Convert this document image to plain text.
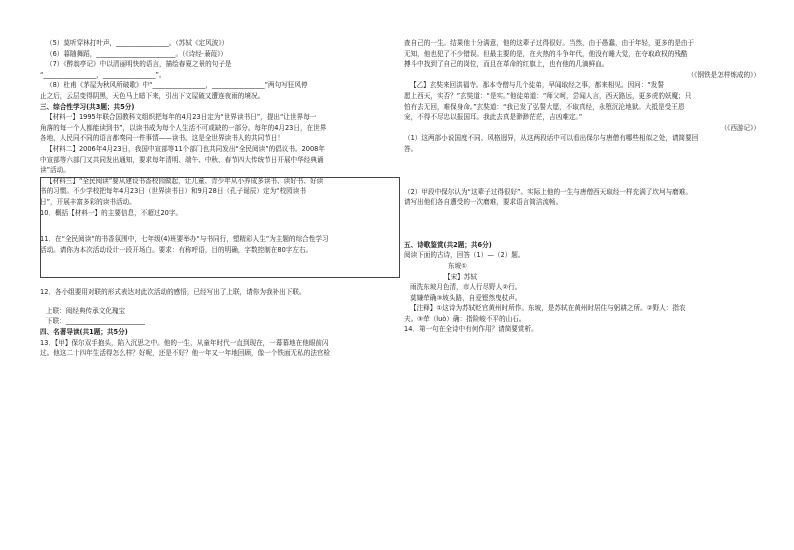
（5）莫听穿林打叶声，________________。（苏轼《定风波》）
（6）暮随舞蹈，________________________。（《诗经·蒹葭》）
（7）《醉翁亭记》中以清丽明快的语言，描绘春夏之景的句子是
“________________，________________”。
（8）杜甫《茅屋为秋风所破歌》中“________________，________________”两句写狂风停
止之后，云层变得阴黑，天色马上暗下来，引出下文屋破又遭连夜雨的境况。
三、综合性学习(共3题；共5分)
【材料一】1995年联合国教科文组织把每年的4月23日定为“世界读书日”，提出“让世界每一
角落的每一个人都能读到书”，以读书成为每个人生活不可或缺的一部分。每年的4月23日，在世界
各地，人民同不同的语言都奏同一件事情——读书。这是全世界读书人的共同节日！
【材料二】2006年4月23日，我国中宣部等11个部门也共同发出“全民阅读”的倡议书。2008年
中宣部等六部门又共同发出通知，要求每年清明、端午、中秋、春节四大传统节日开展中华经典诵
读”活动。
【材料三】“全民阅读”要从建设书香校园做起，让儿童、青少年从小养成多读书、读好书、好读
书的习惯。不少学校把每年4月23日（世界读书日）和9月28日（孔子诞辰）定为“校园读书
日”，开展丰富多彩的读书活动。
10．概括【材料一】的主要信息，不超过20字。
11．在“全民阅读”的书香氛围中，七年级(4)班要举办“与书同行，塑精彩人生”为主题的综合性学习
活动。请你为本次活动设计一段开场白。要求：有称呼语，目的明确，字数控制在80字左右。
12．各小组要用对联的形式表达对此次活动的感悟，已经写出了上联，请你为我补出下联。
上联：阅经典传承文化瑰宝
下联：________________________
四、名著导读(共1题；共5分)
13．【甲】保尔双手抱头，陷入沉思之中。他的一生，从童年时代一直到现在，一幕幕地在他眼前闪
过。他这二十四年生活得怎么样？好呢，还是不好？他一年又一年地回顾，像一个铁面无私的法官检
查自己的一生。结果他十分满意，他的这辈子过得很好。当然，由于愚蠢，由于年轻，更多的是由于
无知，他也犯了不少错误。但最主要的是，在火热的斗争年代，他没有睡大觉，在夺取政权的残酷
搏斗中找到了自己的岗位，而且在革命的红旗上，也有他的几滴鲜血。
（《钢铁是怎样炼成的》）
【乙】玄奘来回洪福寺。那本寺僧与几个徒弟，早闻取经之事，都来相见。因问：“发誓
愿上西天，实否？”玄奘道：“是实。”他徒弟道：“师父呵，尝闻人言，西天路远，更多虎豹妖魔；只
怕有去无回，难保身命。”玄奘道：“我已发了弘誓大愿，不取真经，永堕沉沦地狱。大抵是受王恩
宠，不得不尽忠以报国耳。我此去真是渺渺茫茫，吉凶难定。”
（《西游记》）
（1）这两部小说国度不同、风格迥异，从这两段话中可以看出保尔与唐僧有哪些相似之处，请简要回
答。
（2）甲段中保尔认为“这辈子过得很好”。实际上他的一生与唐僧西天取经一样充满了坎坷与磨难。
请写出他们各自遭受的一次磨难，要求语言简洁流畅。
五、诗歌鉴赏(共2题；共6分)
阅读下面的古诗，回答（1）—（2）题。
东坡①
【宋】苏轼
雨洗东坡月色清，市人行尽野人②行。
莫嫌荦确③坡头路，自爱铿然曳杖声。
【注释】①这诗为苏轼贬官黄州时所作。东坡，是苏轼在黄州时居住与躬耕之所。②野人：指农
夫。③荦（luò）确：指险峻不平的山石。
14．第一句在全诗中有何作用？请简要赏析。
